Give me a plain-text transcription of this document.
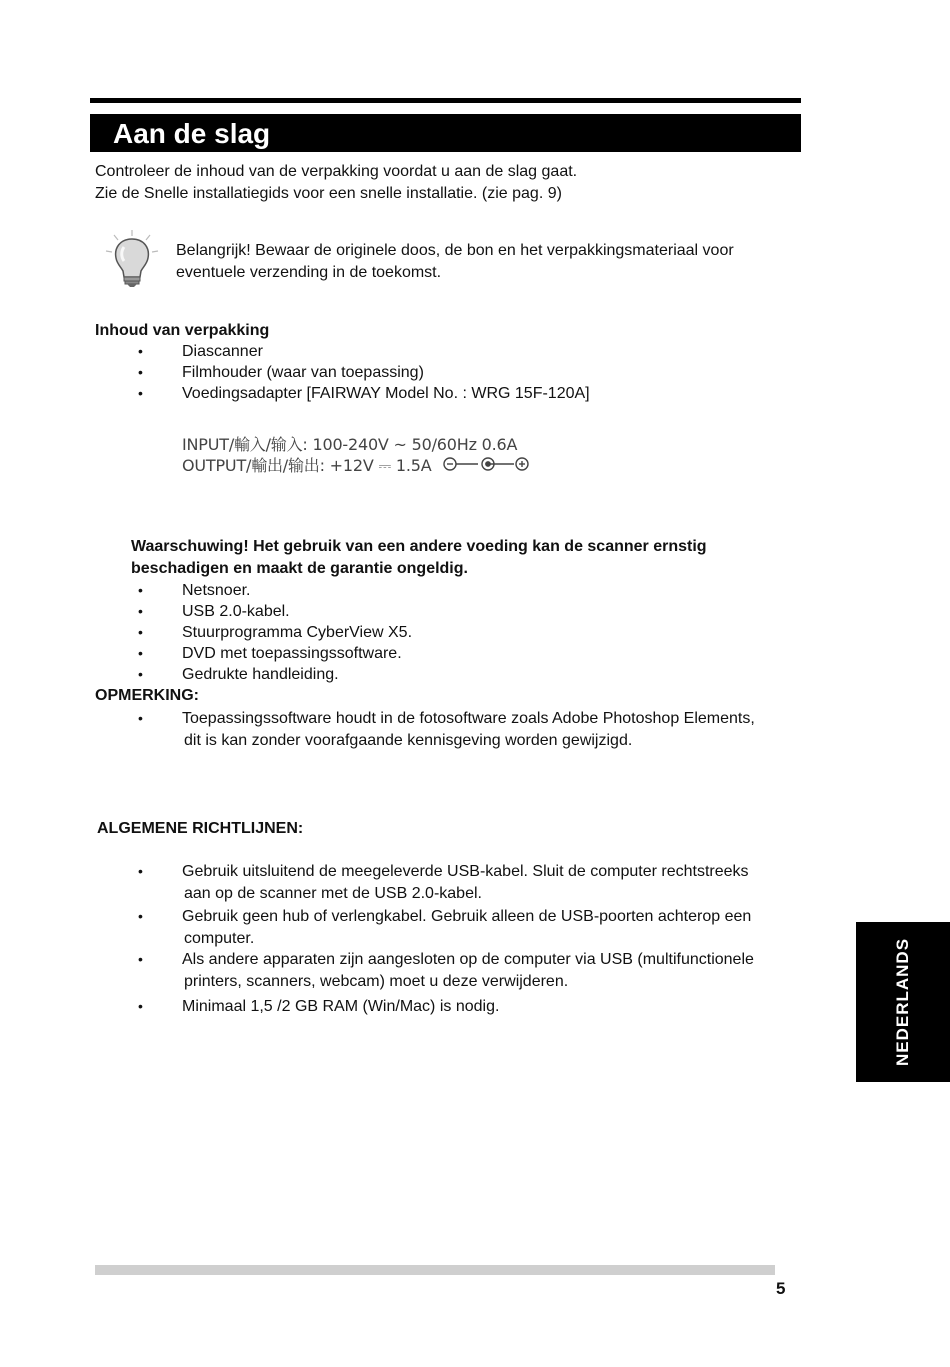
Aan de slag
Controleer de inhoud van de verpakking voordat u aan de slag gaat.
Zie de Snelle installatiegids voor een snelle installatie. (zie pag. 9)
Belangrijk! Bewaar de originele doos, de bon en het verpakkingsmateriaal voor
eventuele verzending in de toekomst.
Inhoud van verpakking
• Diascanner
• Filmhouder (waar van toepassing)
• Voedingsadapter [FAIRWAY Model No. : WRG 15F-120A]
INPUT/輸入/输入: 100-240V ~ 50/60Hz 0.6A
OUTPUT/輸出/输出: +12V ⎓ 1.5A
Waarschuwing! Het gebruik van een andere voeding kan de scanner ernstig
beschadigen en maakt de garantie ongeldig.
• Netsnoer.
• USB 2.0-kabel.
• Stuurprogramma CyberView X5.
• DVD met toepassingssoftware.
• Gedrukte handleiding.
OPMERKING:
• Toepassingssoftware houdt in de fotosoftware zoals Adobe Photoshop Elements,
dit is kan zonder voorafgaande kennisgeving worden gewijzigd.
ALGEMENE RICHTLIJNEN:
• Gebruik uitsluitend de meegeleverde USB-kabel. Sluit de computer rechtstreeks
aan op de scanner met de USB 2.0-kabel.
• Gebruik geen hub of verlengkabel. Gebruik alleen de USB-poorten achterop een
computer.
• Als andere apparaten zijn aangesloten op de computer via USB (multifunctionele
printers, scanners, webcam) moet u deze verwijderen.
• Minimaal 1,5 /2 GB RAM (Win/Mac) is nodig.	NEDERLANDS
5
